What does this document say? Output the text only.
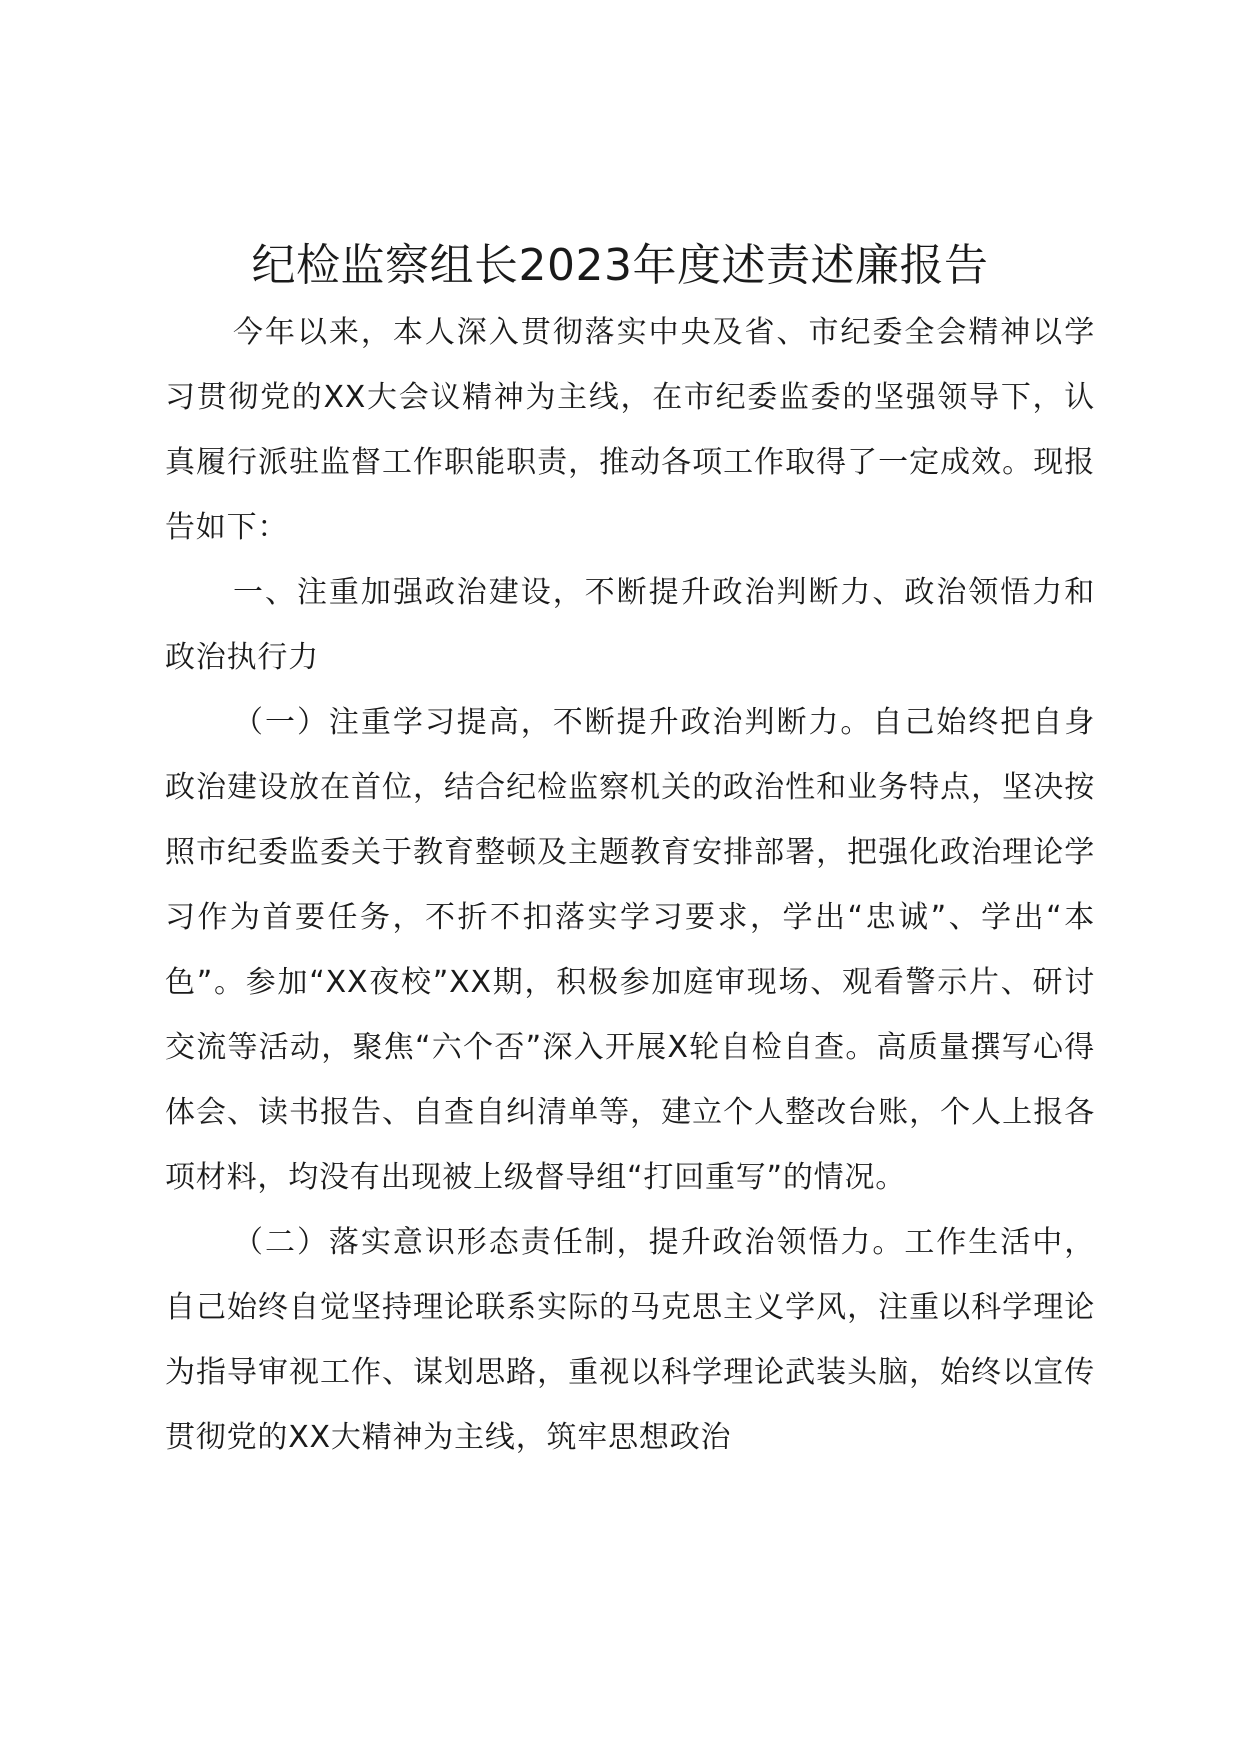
纪检监察组长2023年度述责述廉报告

今年以来，本人深入贯彻落实中央及省、市纪委全会精神以学习贯彻党的XX大会议精神为主线，在市纪委监委的坚强领导下，认真履行派驻监督工作职能职责，推动各项工作取得了一定成效。现报告如下：

一、注重加强政治建设，不断提升政治判断力、政治领悟力和政治执行力

（一）注重学习提高，不断提升政治判断力。自己始终把自身政治建设放在首位，结合纪检监察机关的政治性和业务特点，坚决按照市纪委监委关于教育整顿及主题教育安排部署，把强化政治理论学习作为首要任务，不折不扣落实学习要求，学出“忠诚”、学出“本色”。参加“XX夜校”XX期，积极参加庭审现场、观看警示片、研讨交流等活动，聚焦“六个否”深入开展X轮自检自查。高质量撰写心得体会、读书报告、自查自纠清单等，建立个人整改台账，个人上报各项材料，均没有出现被上级督导组“打回重写”的情况。

（二）落实意识形态责任制，提升政治领悟力。工作生活中，自己始终自觉坚持理论联系实际的马克思主义学风，注重以科学理论为指导审视工作、谋划思路，重视以科学理论武装头脑，始终以宣传贯彻党的XX大精神为主线，筑牢思想政治
